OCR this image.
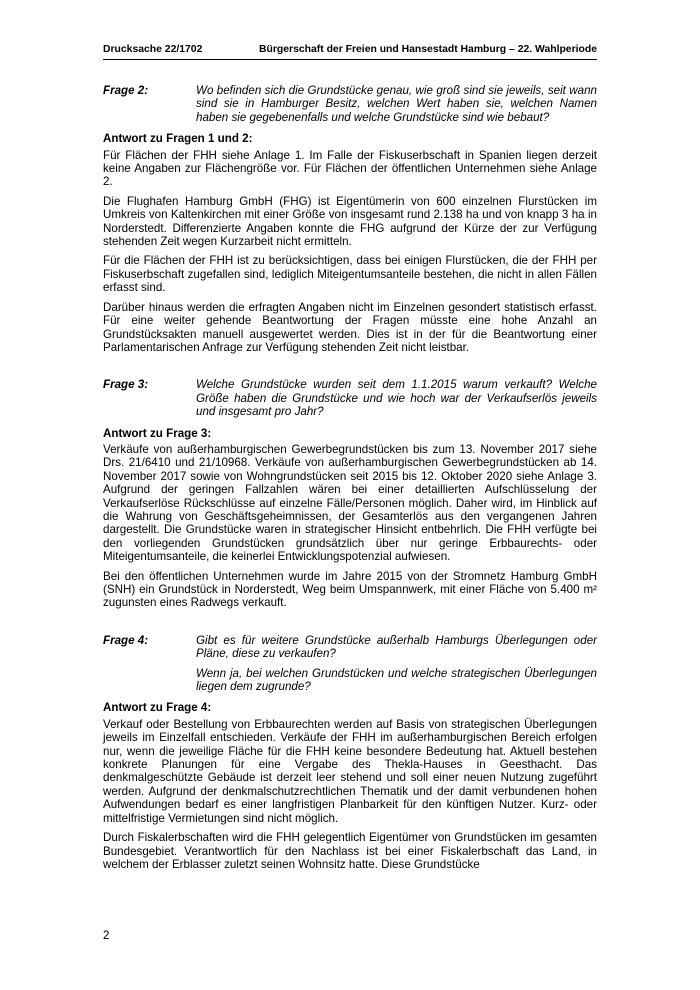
Drucksache 22/1702	Bürgerschaft der Freien und Hansestadt Hamburg – 22. Wahlperiode
Frage 2:	Wo befinden sich die Grundstücke genau, wie groß sind sie jeweils, seit wann sind sie in Hamburger Besitz, welchen Wert haben sie, welchen Namen haben sie gegebenenfalls und welche Grundstücke sind wie bebaut?
Antwort zu Fragen 1 und 2:

Für Flächen der FHH siehe Anlage 1. Im Falle der Fiskuserbschaft in Spanien liegen derzeit keine Angaben zur Flächengröße vor. Für Flächen der öffentlichen Unternehmen siehe Anlage 2.

Die Flughafen Hamburg GmbH (FHG) ist Eigentümerin von 600 einzelnen Flurstücken im Umkreis von Kaltenkirchen mit einer Größe von insgesamt rund 2.138 ha und von knapp 3 ha in Norderstedt. Differenzierte Angaben konnte die FHG aufgrund der Kürze der zur Verfügung stehenden Zeit wegen Kurzarbeit nicht ermitteln.

Für die Flächen der FHH ist zu berücksichtigen, dass bei einigen Flurstücken, die der FHH per Fiskuserbschaft zugefallen sind, lediglich Miteigentumsanteile bestehen, die nicht in allen Fällen erfasst sind.

Darüber hinaus werden die erfragten Angaben nicht im Einzelnen gesondert statistisch erfasst. Für eine weiter gehende Beantwortung der Fragen müsste eine hohe Anzahl an Grundstücksakten manuell ausgewertet werden. Dies ist in der für die Beantwortung einer Parlamentarischen Anfrage zur Verfügung stehenden Zeit nicht leistbar.

Frage 3:	Welche Grundstücke wurden seit dem 1.1.2015 warum verkauft? Welche Größe haben die Grundstücke und wie hoch war der Verkaufserlös jeweils und insgesamt pro Jahr?
Antwort zu Frage 3:

Verkäufe von außerhamburgischen Gewerbegrundstücken bis zum 13. November 2017 siehe Drs. 21/6410 und 21/10968. Verkäufe von außerhamburgischen Gewerbegrundstücken ab 14. November 2017 sowie von Wohngrundstücken seit 2015 bis 12. Oktober 2020 siehe Anlage 3. Aufgrund der geringen Fallzahlen wären bei einer detaillierten Aufschlüsselung der Verkaufserlöse Rückschlüsse auf einzelne Fälle/Personen möglich. Daher wird, im Hinblick auf die Wahrung von Geschäftsgeheimnissen, der Gesamterlös aus den vergangenen Jahren dargestellt. Die Grundstücke waren in strategischer Hinsicht entbehrlich. Die FHH verfügte bei den vorliegenden Grundstücken grundsätzlich über nur geringe Erbbaurechts- oder Miteigentumsanteile, die keinerlei Entwicklungspotenzial aufwiesen.

Bei den öffentlichen Unternehmen wurde im Jahre 2015 von der Stromnetz Hamburg GmbH (SNH) ein Grundstück in Norderstedt, Weg beim Umspannwerk, mit einer Fläche von 5.400 m² zugunsten eines Radwegs verkauft.

Frage 4:	Gibt es für weitere Grundstücke außerhalb Hamburgs Überlegungen oder Pläne, diese zu verkaufen?

Wenn ja, bei welchen Grundstücken und welche strategischen Überlegungen liegen dem zugrunde?

Antwort zu Frage 4:

Verkauf oder Bestellung von Erbbaurechten werden auf Basis von strategischen Überlegungen jeweils im Einzelfall entschieden. Verkäufe der FHH im außerhamburgischen Bereich erfolgen nur, wenn die jeweilige Fläche für die FHH keine besondere Bedeutung hat. Aktuell bestehen konkrete Planungen für eine Vergabe des Thekla-Hauses in Geesthacht. Das denkmalgeschützte Gebäude ist derzeit leer stehend und soll einer neuen Nutzung zugeführt werden. Aufgrund der denkmalschutzrechtlichen Thematik und der damit verbundenen hohen Aufwendungen bedarf es einer langfristigen Planbarkeit für den künftigen Nutzer. Kurz- oder mittelfristige Vermietungen sind nicht möglich.

Durch Fiskalerbschaften wird die FHH gelegentlich Eigentümer von Grundstücken im gesamten Bundesgebiet. Verantwortlich für den Nachlass ist bei einer Fiskalerbschaft das Land, in welchem der Erblasser zuletzt seinen Wohnsitz hatte. Diese Grundstücke

2
